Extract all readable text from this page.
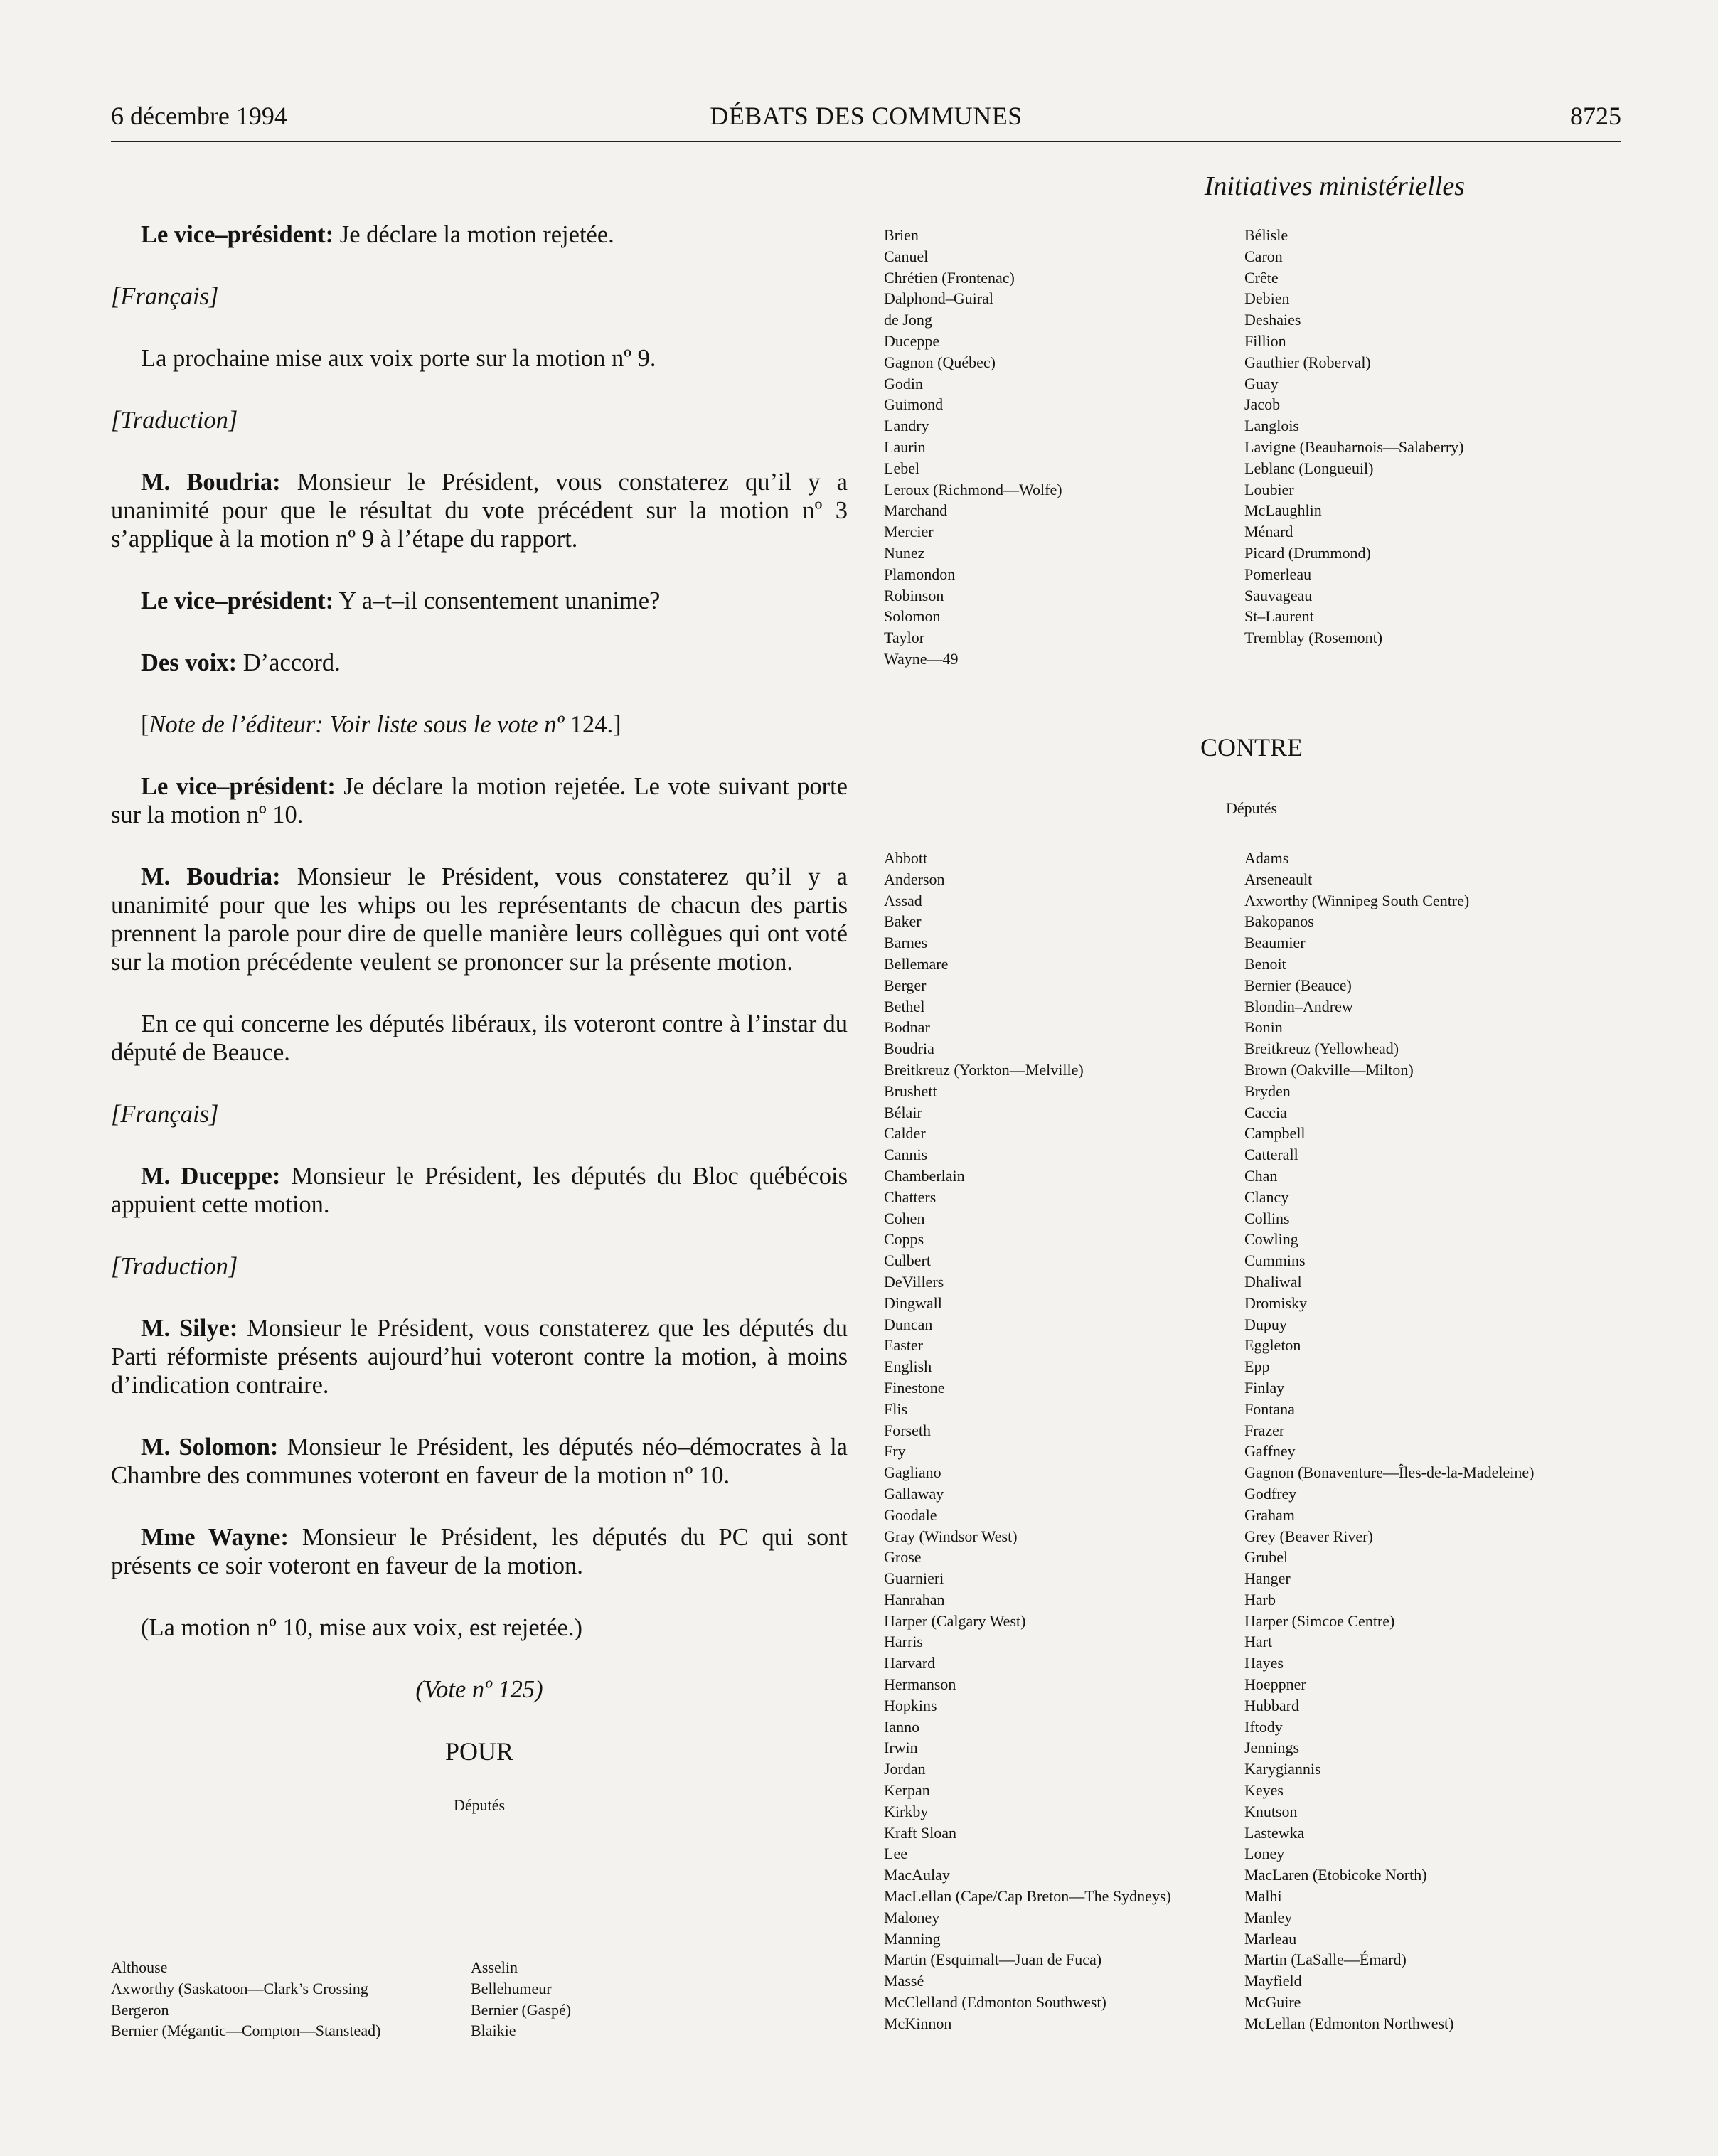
6 décembre 1994	DÉBATS DES COMMUNES	8725
Initiatives ministérielles

Le vice–président: Je déclare la motion rejetée.

[Français]

La prochaine mise aux voix porte sur la motion nº 9.

[Traduction]

M. Boudria: Monsieur le Président, vous constaterez qu’il y a unanimité pour que le résultat du vote précédent sur la motion nº 3 s’applique à la motion nº 9 à l’étape du rapport.

Le vice–président: Y a–t–il consentement unanime?

Des voix: D’accord.

[Note de l’éditeur: Voir liste sous le vote nº 124.]

Le vice–président: Je déclare la motion rejetée. Le vote suivant porte sur la motion nº 10.

M. Boudria: Monsieur le Président, vous constaterez qu’il y a unanimité pour que les whips ou les représentants de chacun des partis prennent la parole pour dire de quelle manière leurs collègues qui ont voté sur la motion précédente veulent se prononcer sur la présente motion.

En ce qui concerne les députés libéraux, ils voteront contre à l’instar du député de Beauce.

[Français]

M. Duceppe: Monsieur le Président, les députés du Bloc québécois appuient cette motion.

[Traduction]

M. Silye: Monsieur le Président, vous constaterez que les députés du Parti réformiste présents aujourd’hui voteront contre la motion, à moins d’indication contraire.

M. Solomon: Monsieur le Président, les députés néo–démocrates à la Chambre des communes voteront en faveur de la motion nº 10.

Mme Wayne: Monsieur le Président, les députés du PC qui sont présents ce soir voteront en faveur de la motion.

(La motion nº 10, mise aux voix, est rejetée.)

(Vote nº 125)

POUR
Députés
Althouse
Axworthy (Saskatoon—Clark’s Crossing
Bergeron
Bernier (Mégantic—Compton—Stanstead)
Asselin
Bellehumeur
Bernier (Gaspé)
Blaikie
Brien
Canuel
Chrétien (Frontenac)
Dalphond–Guiral
de Jong
Duceppe
Gagnon (Québec)
Godin
Guimond
Landry
Laurin
Lebel
Leroux (Richmond—Wolfe)
Marchand
Mercier
Nunez
Plamondon
Robinson
Solomon
Taylor
Wayne—49
Bélisle
Caron
Crête
Debien
Deshaies
Fillion
Gauthier (Roberval)
Guay
Jacob
Langlois
Lavigne (Beauharnois—Salaberry)
Leblanc (Longueuil)
Loubier
McLaughlin
Ménard
Picard (Drummond)
Pomerleau
Sauvageau
St–Laurent
Tremblay (Rosemont)
CONTRE
Députés
Abbott
Anderson
Assad
Baker
Barnes
Bellemare
Berger
Bethel
Bodnar
Boudria
Breitkreuz (Yorkton—Melville)
Brushett
Bélair
Calder
Cannis
Chamberlain
Chatters
Cohen
Copps
Culbert
DeVillers
Dingwall
Duncan
Easter
English
Finestone
Flis
Forseth
Fry
Gagliano
Gallaway
Goodale
Gray (Windsor West)
Grose
Guarnieri
Hanrahan
Harper (Calgary West)
Harris
Harvard
Hermanson
Hopkins
Ianno
Irwin
Jordan
Kerpan
Kirkby
Kraft Sloan
Lee
MacAulay
MacLellan (Cape/Cap Breton—The Sydneys)
Maloney
Manning
Martin (Esquimalt—Juan de Fuca)
Massé
McClelland (Edmonton Southwest)
McKinnon
Adams
Arseneault
Axworthy (Winnipeg South Centre)
Bakopanos
Beaumier
Benoit
Bernier (Beauce)
Blondin–Andrew
Bonin
Breitkreuz (Yellowhead)
Brown (Oakville—Milton)
Bryden
Caccia
Campbell
Catterall
Chan
Clancy
Collins
Cowling
Cummins
Dhaliwal
Dromisky
Dupuy
Eggleton
Epp
Finlay
Fontana
Frazer
Gaffney
Gagnon (Bonaventure—Îles-de-la-Madeleine)
Godfrey
Graham
Grey (Beaver River)
Grubel
Hanger
Harb
Harper (Simcoe Centre)
Hart
Hayes
Hoeppner
Hubbard
Iftody
Jennings
Karygiannis
Keyes
Knutson
Lastewka
Loney
MacLaren (Etobicoke North)
Malhi
Manley
Marleau
Martin (LaSalle—Émard)
Mayfield
McGuire
McLellan (Edmonton Northwest)
